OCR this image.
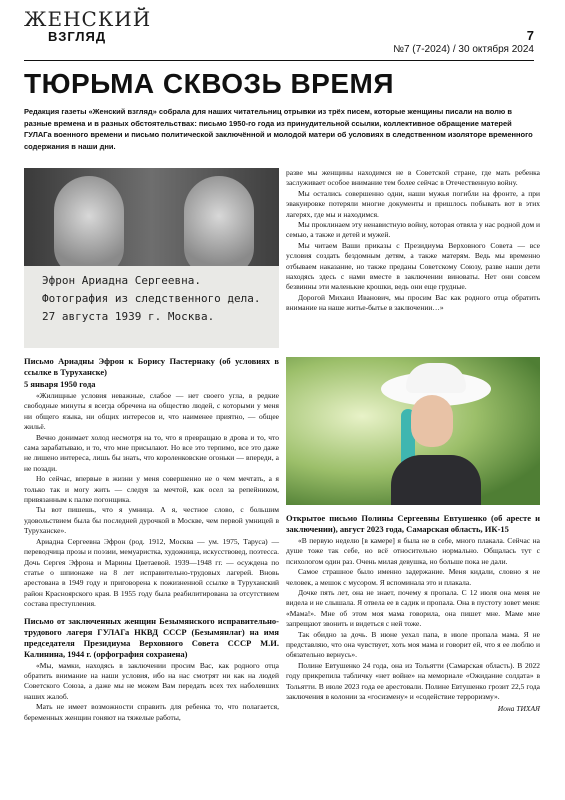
ЖЕНСКИЙ
ВЗГЛЯД	7
№7 (7-2024) / 30 октября 2024
ТЮРЬМА СКВОЗЬ ВРЕМЯ
Редакция газеты «Женский взгляд» собрала для наших читательниц отрывки из трёх писем, которые женщины писали на волю в разные времена и в разных обстоятельствах: письмо 1950-го года из принудительной ссылки, коллективное обращение матерей ГУЛАГа военного времени и письмо политической заключённой и молодой матери об условиях в следственном изоляторе временного содержания в наши дни.
Эфрон Ариадна Сергеевна.
Фотография из следственного дела.
27 августа 1939 г. Москва.
Письмо Ариадны Эфрон к Борису Пастернаку (об условиях в ссылке в Туруханске)
5 января 1950 года

«Жилищные условия неважные, слабое — нет своего угла, в редкие свободные минуты я всегда обречена на общество людей, с которыми у меня ни общего языка, ни общих интересов и, что наименее приятно, — общее жильё.

Вечно донимает холод несмотря на то, что я превращаю в дрова и то, что сама зарабатываю, и то, что мне присылают. Но все это терпимо, все это даже не лишено интереса, лишь бы знать, что короленковские огоньки — впереди, а не позади.

Но сейчас, впервые в жизни у меня совершенно не о чем мечтать, а я только так и могу жить — следуя за мечтой, как осел за репейником, привязанным к палке погонщика.

Ты вот пишешь, что я умница. А я, честное слово, с большим удовольствием была бы последней дурочкой в Москве, чем первой умницей в Туруханске».

Ариадна Сергеевна Эфрон (род. 1912, Москва — ум. 1975, Таруса) — переводчица прозы и поэзии, мемуаристка, художница, искусствовед, поэтесса. Дочь Сергея Эфрона и Марины Цветаевой. 1939—1948 гг. — осуждена по статье о шпионаже на 8 лет исправительно-трудовых лагерей. Вновь арестована в 1949 году и приговорена к пожизненной ссылке в Туруханский район Красноярского края. В 1955 году была реабилитирована за отсутствием состава преступления.

Письмо от заключенных женщин Безымянского исправительно-трудового лагеря ГУЛАГа НКВД СССР (Безымянлаг) на имя председателя Президиума Верховного Совета СССР М.И. Калинина, 1944 г. (орфография сохранена)

«Мы, мамки, находясь в заключении просим Вас, как родного отца обратить внимание на наши условия, ибо на нас смотрят ни как на людей Советского Союза, а даже мы не можем Вам передать всех тех наболевших наших жалоб.

Мать не имеет возможности справить для ребенка то, что полагается, беременных женщин гоняют на тяжелые работы,

разве мы женщины находимся не в Советской стране, где мать ребенка заслуживает особое внимание тем более сейчас в Отечественную войну.

Мы остались совершенно одни, наши мужья погибли на фронте, а при эвакуировке потеряли многие документы и пришлось побывать вот в этих лагерях, где мы и находимся.

Мы проклинаем эту ненавистную войну, которая отвяла у нас родной дом и семью, а также и детей и мужей.

Мы читаем Ваши приказы с Президиума Верховного Совета — все условия создать бездомным детям, а также матерям. Ведь мы временно отбываем наказание, но также преданы Советскому Союзу, разве наши дети находясь здесь с нами вместе в заключении виноваты. Нет они совсем безвинны эти маленькие крошки, ведь они еще грудные.

Дорогой Михаил Иванович, мы просим Вас как родного отца обратить внимание на наше житье-бытье в заключении…»

Открытое письмо Полины Сергеевны Евтушенко (об аресте и заключении), август 2023 года, Самарская область, ИК-15

«В первую неделю [в камере] я была не в себе, много плакала. Сейчас на душе тоже так себе, но всё относительно нормально. Общалась тут с психологом один раз. Очень милая девушка, но больше пока не дали.

Самое страшное было именно задержание. Меня кидали, словно я не человек, а мешок с мусором. Я вспоминала это и плакала.

Дочке пять лет, она не знает, почему я пропала. С 12 июля она меня не видела и не слышала. Я отвела ее в садик и пропала. Она в пустоту зовет меня: «Мама!». Мне об этом моя мама говорила, она пишет мне. Маме мне запрещают звонить и видеться с ней тоже.

Так обидно за дочь. В июне уехал папа, в июле пропала мама. Я не представляю, что она чувствует, хоть моя мама и говорит ей, что я ее люблю и обязательно вернусь».

Полине Евтушенко 24 года, она из Тольятти (Самарская область). В 2022 году прикрепила табличку «нет войне» на мемориале «Ожидание солдата» в Тольятти. В июле 2023 года ее арестовали. Полине Евтушенко грозит 22,5 года заключения в колонии за «госизмену» и «содействие терроризму».

Иона ТИХАЯ
